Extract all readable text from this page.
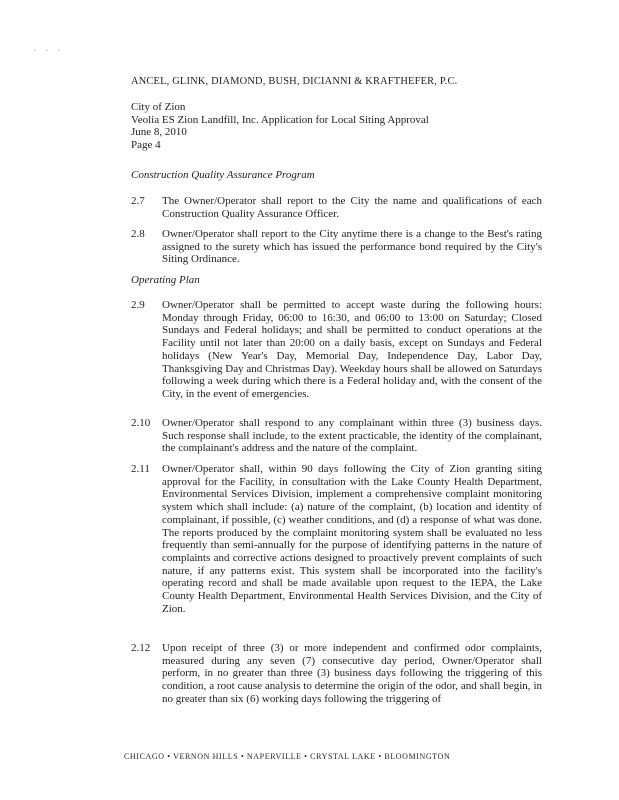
. . .
ANCEL, GLINK, DIAMOND, BUSH, DICIANNI & KRAFTHEFER, P.C.
City of Zion
Veolia ES Zion Landfill, Inc. Application for Local Siting Approval
June 8, 2010
Page 4
Construction Quality Assurance Program
2.7 The Owner/Operator shall report to the City the name and qualifications of each Construction Quality Assurance Officer.
2.8 Owner/Operator shall report to the City anytime there is a change to the Best's rating assigned to the surety which has issued the performance bond required by the City's Siting Ordinance.
Operating Plan
2.9 Owner/Operator shall be permitted to accept waste during the following hours: Monday through Friday, 06:00 to 16:30, and 06:00 to 13:00 on Saturday; Closed Sundays and Federal holidays; and shall be permitted to conduct operations at the Facility until not later than 20:00 on a daily basis, except on Sundays and Federal holidays (New Year's Day, Memorial Day, Independence Day, Labor Day, Thanksgiving Day and Christmas Day). Weekday hours shall be allowed on Saturdays following a week during which there is a Federal holiday and, with the consent of the City, in the event of emergencies.
2.10 Owner/Operator shall respond to any complainant within three (3) business days. Such response shall include, to the extent practicable, the identity of the complainant, the complainant's address and the nature of the complaint.
2.11 Owner/Operator shall, within 90 days following the City of Zion granting siting approval for the Facility, in consultation with the Lake County Health Department, Environmental Services Division, implement a comprehensive complaint monitoring system which shall include: (a) nature of the complaint, (b) location and identity of complainant, if possible, (c) weather conditions, and (d) a response of what was done. The reports produced by the complaint monitoring system shall be evaluated no less frequently than semi-annually for the purpose of identifying patterns in the nature of complaints and corrective actions designed to proactively prevent complaints of such nature, if any patterns exist. This system shall be incorporated into the facility's operating record and shall be made available upon request to the IEPA, the Lake County Health Department, Environmental Health Services Division, and the City of Zion.
2.12 Upon receipt of three (3) or more independent and confirmed odor complaints, measured during any seven (7) consecutive day period, Owner/Operator shall perform, in no greater than three (3) business days following the triggering of this condition, a root cause analysis to determine the origin of the odor, and shall begin, in no greater than six (6) working days following the triggering of
CHICAGO • VERNON HILLS • NAPERVILLE • CRYSTAL LAKE • BLOOMINGTON
